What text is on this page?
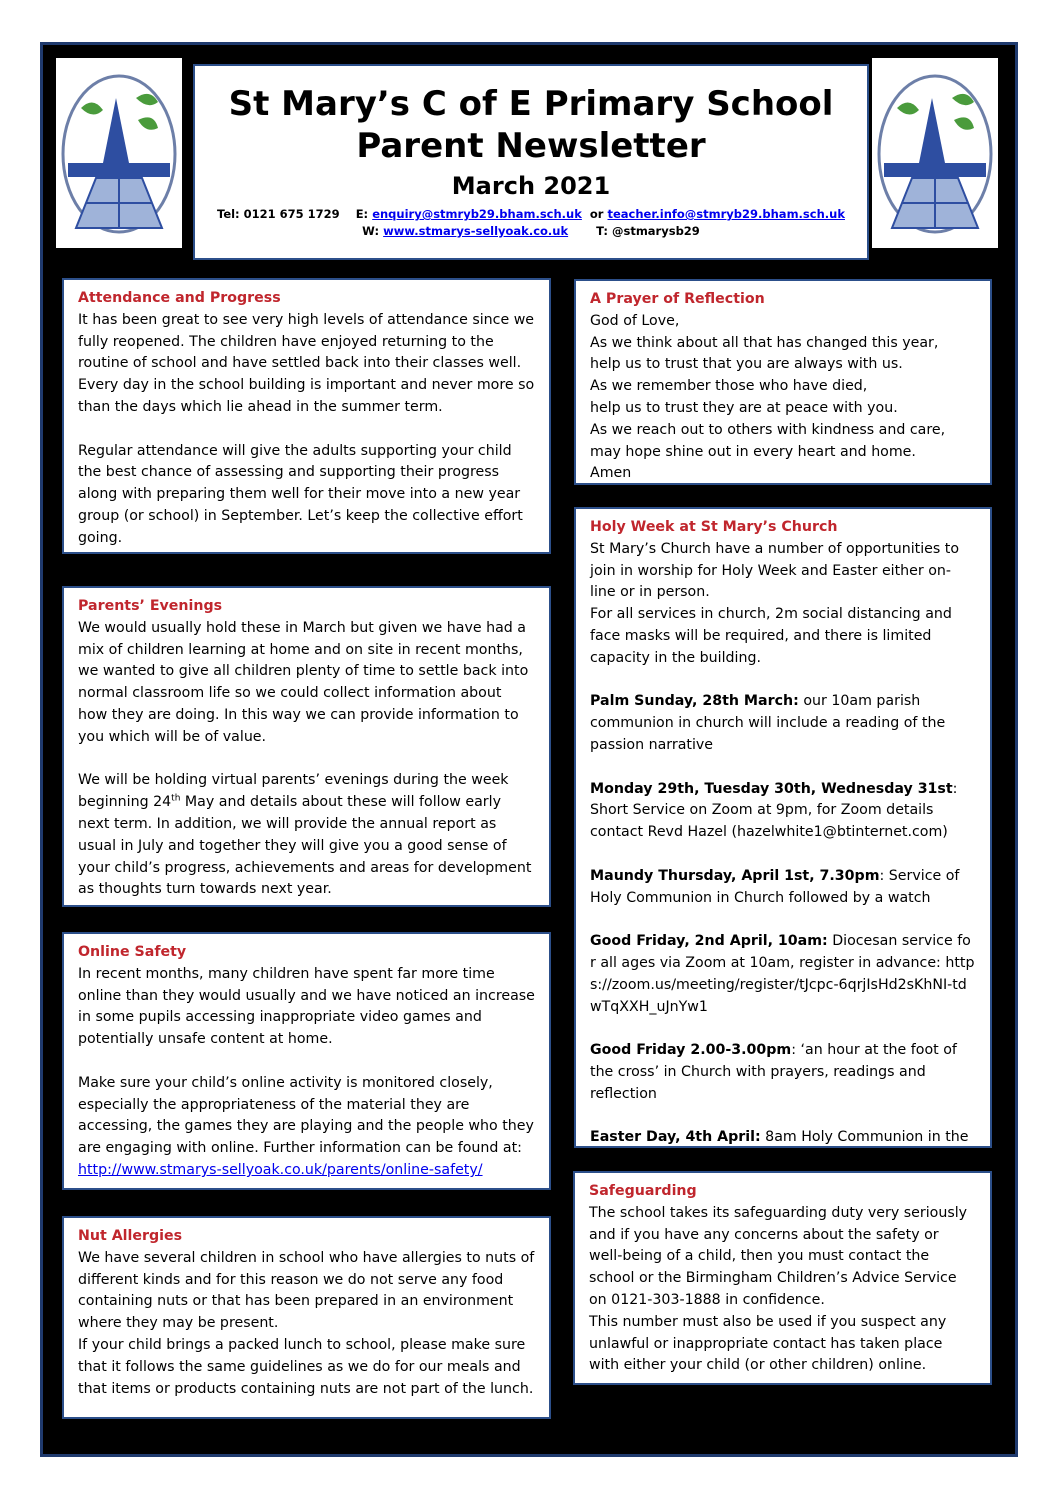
St Mary’s C of E Primary School
Parent Newsletter
March 2021
Tel: 0121 675 1729 E: enquiry@stmryb29.bham.sch.uk or teacher.info@stmryb29.bham.sch.uk
W: www.stmarys-sellyoak.co.uk T: @stmarysb29
Attendance and Progress

It has been great to see very high levels of attendance since we fully reopened. The children have enjoyed returning to the routine of school and have settled back into their classes well. Every day in the school building is important and never more so than the days which lie ahead in the summer term.

Regular attendance will give the adults supporting your child the best chance of assessing and supporting their progress along with preparing them well for their move into a new year group (or school) in September. Let’s keep the collective effort going.

Parents’ Evenings

We would usually hold these in March but given we have had a mix of children learning at home and on site in recent months, we wanted to give all children plenty of time to settle back into normal classroom life so we could collect information about how they are doing. In this way we can provide information to you which will be of value.

We will be holding virtual parents’ evenings during the week beginning 24th May and details about these will follow early next term. In addition, we will provide the annual report as usual in July and together they will give you a good sense of your child’s progress, achievements and areas for development as thoughts turn towards next year.

Online Safety

In recent months, many children have spent far more time online than they would usually and we have noticed an increase in some pupils accessing inappropriate video games and potentially unsafe content at home.

Make sure your child’s online activity is monitored closely, especially the appropriateness of the material they are accessing, the games they are playing and the people who they are engaging with online. Further information can be found at:

http://www.stmarys-sellyoak.co.uk/parents/online-safety/
Nut Allergies

We have several children in school who have allergies to nuts of different kinds and for this reason we do not serve any food containing nuts or that has been prepared in an environment where they may be present.

If your child brings a packed lunch to school, please make sure that it follows the same guidelines as we do for our meals and that items or products containing nuts are not part of the lunch.

A Prayer of Reflection

God of Love,

As we think about all that has changed this year,

help us to trust that you are always with us.

As we remember those who have died,

help us to trust they are at peace with you.

As we reach out to others with kindness and care,

may hope shine out in every heart and home.

Amen

Holy Week at St Mary’s Church

St Mary’s Church have a number of opportunities to join in worship for Holy Week and Easter either on-line or in person.

For all services in church, 2m social distancing and face masks will be required, and there is limited capacity in the building.

Palm Sunday, 28th March: our 10am parish communion in church will include a reading of the passion narrative

Monday 29th, Tuesday 30th, Wednesday 31st: Short Service on Zoom at 9pm, for Zoom details contact Revd Hazel (hazelwhite1@btinternet.com)

Maundy Thursday, April 1st, 7.30pm: Service of Holy Communion in Church followed by a watch

Good Friday, 2nd April, 10am: Diocesan service for all ages via Zoom at 10am, register in advance: https://zoom.us/meeting/register/tJcpc-6qrjIsHd2sKhNI-tdwTqXXH_uJnYw1

Good Friday 2.00-3.00pm: ‘an hour at the foot of the cross’ in Church with prayers, readings and reflection

Easter Day, 4th April: 8am Holy Communion in the Lady Chapel and 10am Parish Communion in church

Safeguarding

The school takes its safeguarding duty very seriously and if you have any concerns about the safety or well-being of a child, then you must contact the school or the Birmingham Children’s Advice Service on 0121-303-1888 in confidence.

This number must also be used if you suspect any unlawful or inappropriate contact has taken place with either your child (or other children) online.
